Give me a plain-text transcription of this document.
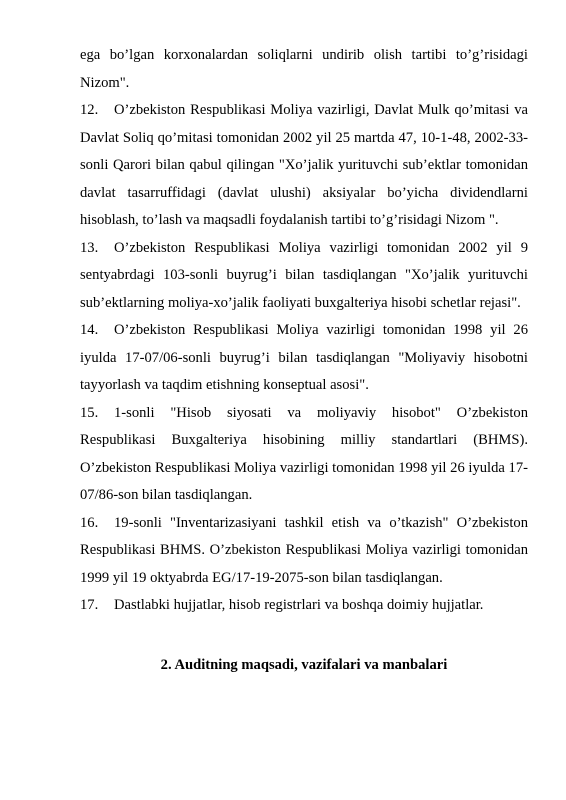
ega bo’lgan korxonalardan soliqlarni undirib olish tartibi to’g’risidagi Nizom".

12. O’zbekiston Respublikasi Moliya vazirligi, Davlat Mulk qo’mitasi va Davlat Soliq qo’mitasi tomonidan 2002 yil 25 martda 47, 10-1-48, 2002-33-sonli Qarori bilan qabul qilingan "Xo’jalik yurituvchi sub’ektlar tomonidan davlat tasarruffidagi (davlat ulushi) aksiyalar bo’yicha dividendlarni hisoblash, to’lash va maqsadli foydalanish tartibi to’g’risidagi Nizom ".

13. O’zbekiston Respublikasi Moliya vazirligi tomonidan 2002 yil 9 sentyabrdagi 103-sonli buyrug’i bilan tasdiqlangan "Xo’jalik yurituvchi sub’ektlarning moliya-xo’jalik faoliyati buxgalteriya hisobi schetlar rejasi".

14. O’zbekiston Respublikasi Moliya vazirligi tomonidan 1998 yil 26 iyulda 17-07/06-sonli buyrug’i bilan tasdiqlangan "Moliyaviy hisobotni tayyorlash va taqdim etishning konseptual asosi".

15. 1-sonli "Hisob siyosati va moliyaviy hisobot" O’zbekiston Respublikasi Buxgalteriya hisobining milliy standartlari (BHMS). O’zbekiston Respublikasi Moliya vazirligi tomonidan 1998 yil 26 iyulda 17-07/86-son bilan tasdiqlangan.

16. 19-sonli "Inventarizasiyani tashkil etish va o’tkazish" O’zbekiston Respublikasi BHMS. O’zbekiston Respublikasi Moliya vazirligi tomonidan 1999 yil 19 oktyabrda EG/17-19-2075-son bilan tasdiqlangan.

17. Dastlabki hujjatlar, hisob registrlari va boshqa doimiy hujjatlar.

2. Auditning maqsadi, vazifalari va manbalari
